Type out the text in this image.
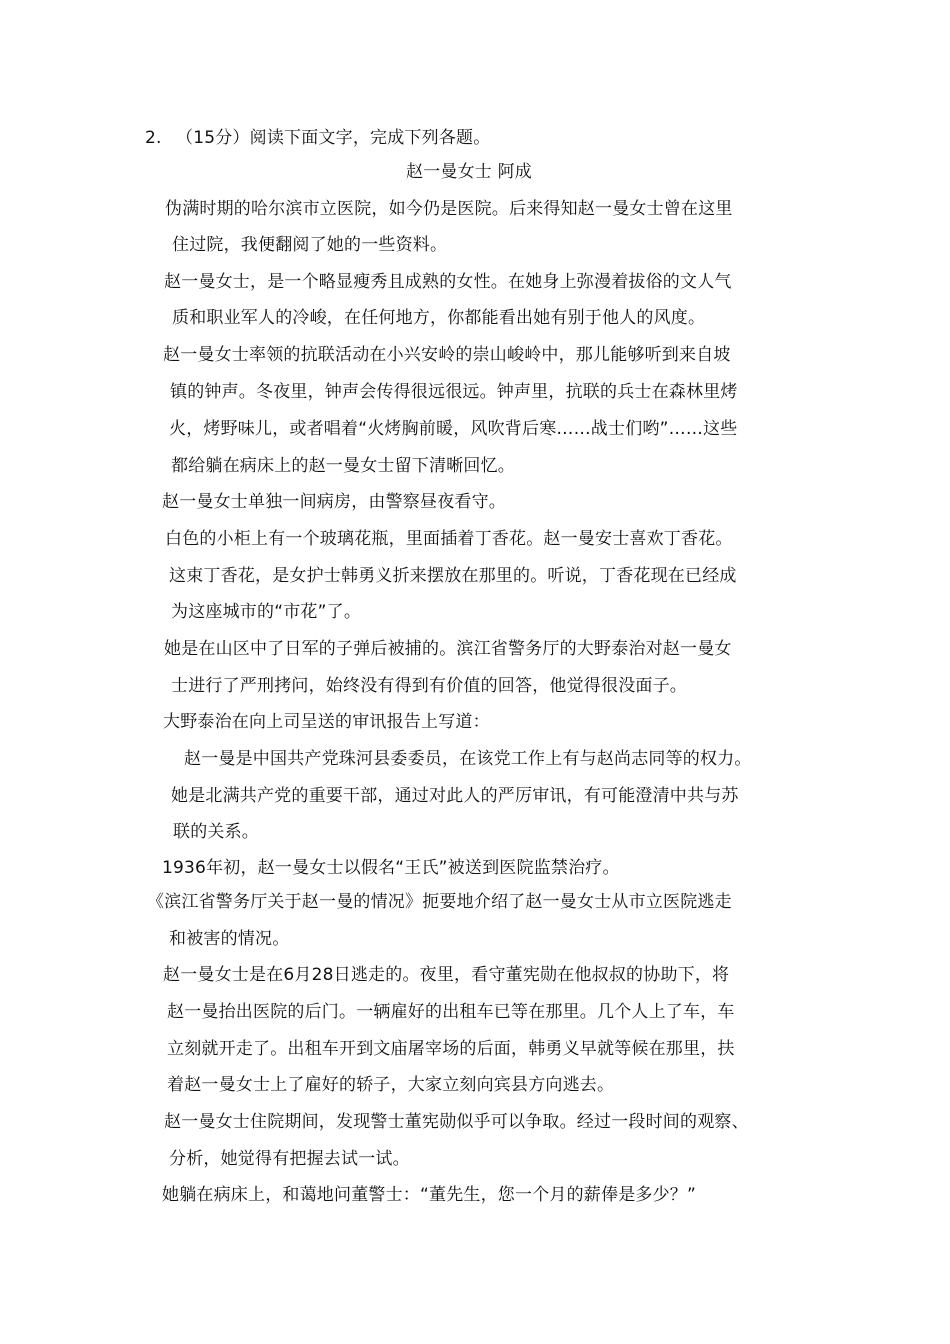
2. （15分）阅读下面文字，完成下列各题。
赵一曼女士 阿成
伪满时期的哈尔滨市立医院，如今仍是医院。后来得知赵一曼女士曾在这里
住过院，我便翻阅了她的一些资料。
赵一曼女士，是一个略显瘦秀且成熟的女性。在她身上弥漫着拔俗的文人气
质和职业军人的冷峻，在任何地方，你都能看出她有别于他人的风度。
赵一曼女士率领的抗联活动在小兴安岭的崇山峻岭中，那儿能够听到来自坡
镇的钟声。冬夜里，钟声会传得很远很远。钟声里，抗联的兵士在森林里烤
火，烤野味儿，或者唱着“火烤胸前暖，风吹背后寒……战士们哟”……这些
都给躺在病床上的赵一曼女士留下清晰回忆。
赵一曼女士单独一间病房，由警察昼夜看守。
白色的小柜上有一个玻璃花瓶，里面插着丁香花。赵一曼安士喜欢丁香花。
这束丁香花，是女护士韩勇义折来摆放在那里的。听说，丁香花现在已经成
为这座城市的“市花”了。
她是在山区中了日军的子弹后被捕的。滨江省警务厅的大野泰治对赵一曼女
士进行了严刑拷问，始终没有得到有价值的回答，他觉得很没面子。
大野泰治在向上司呈送的审讯报告上写道：
赵一曼是中国共产党珠河县委委员，在该党工作上有与赵尚志同等的权力。
她是北满共产党的重要干部，通过对此人的严厉审讯，有可能澄清中共与苏
联的关系。
1936年初，赵一曼女士以假名“王氏”被送到医院监禁治疗。
《滨江省警务厅关于赵一曼的情况》扼要地介绍了赵一曼女士从市立医院逃走
和被害的情况。
赵一曼女士是在6月28日逃走的。夜里，看守董宪勋在他叔叔的协助下，将
赵一曼抬出医院的后门。一辆雇好的出租车已等在那里。几个人上了车，车
立刻就开走了。出租车开到文庙屠宰场的后面，韩勇义早就等候在那里，扶
着赵一曼女士上了雇好的轿子，大家立刻向宾县方向逃去。
赵一曼女士住院期间，发现警士董宪勋似乎可以争取。经过一段时间的观察、
分析，她觉得有把握去试一试。
她躺在病床上，和蔼地问董警士：“董先生，您一个月的薪俸是多少？”
